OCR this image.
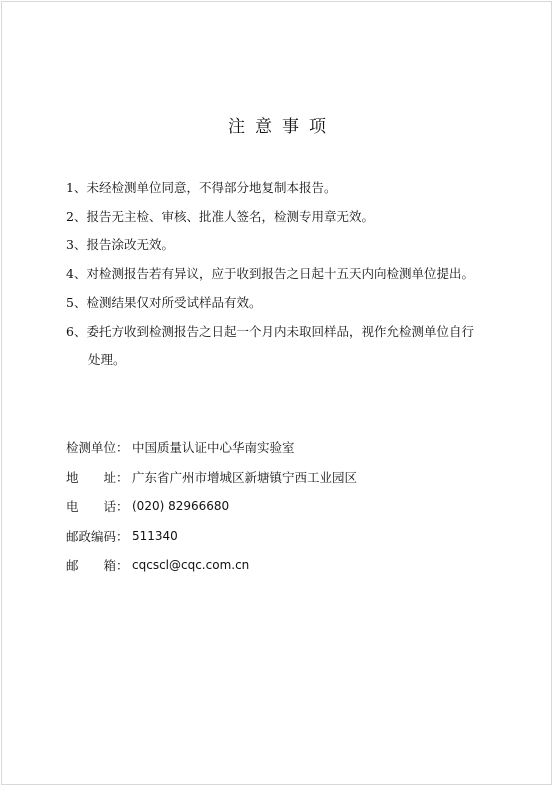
注意事项
1、未经检测单位同意，不得部分地复制本报告。
2、报告无主检、审核、批准人签名，检测专用章无效。
3、报告涂改无效。
4、对检测报告若有异议，应于收到报告之日起十五天内向检测单位提出。
5、检测结果仅对所受试样品有效。
6、委托方收到检测报告之日起一个月内未取回样品，视作允检测单位自行
处理。
检测单位： 中国质量认证中心华南实验室
地　　址： 广东省广州市增城区新塘镇宁西工业园区
电　　话： (020) 82966680
邮政编码： 511340
邮　　箱： cqcscl@cqc.com.cn
